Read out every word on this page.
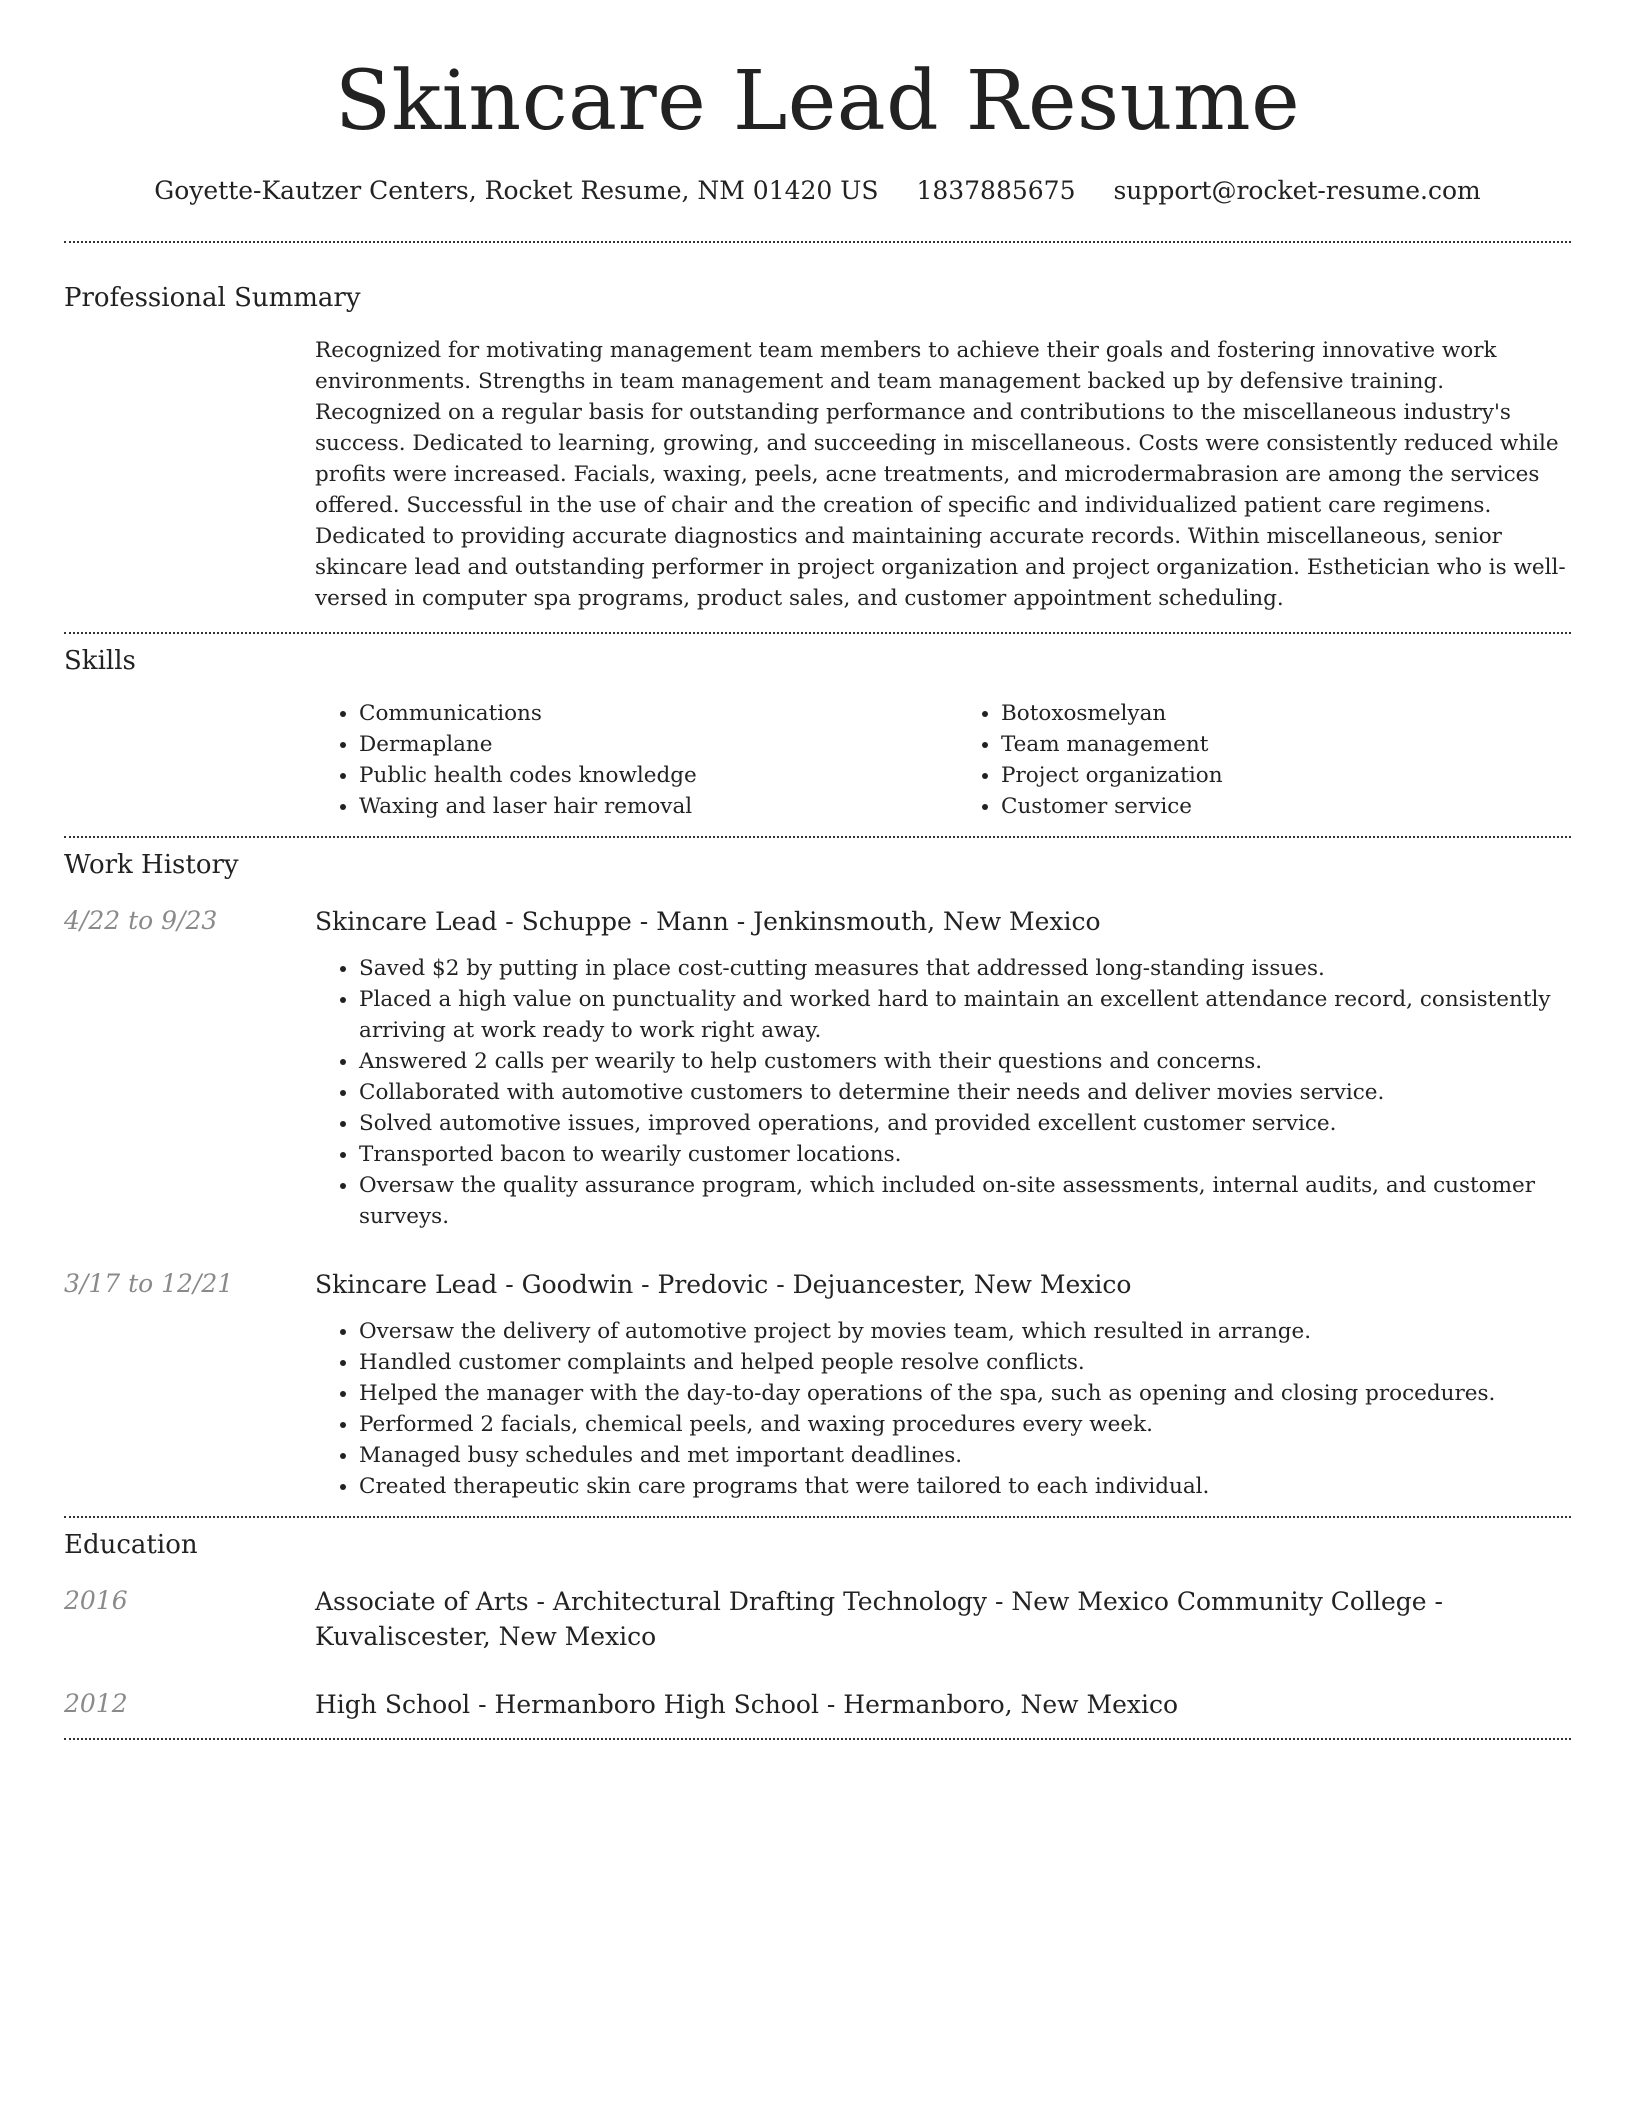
Skincare Lead Resume
Goyette-Kautzer Centers, Rocket Resume, NM 01420 US 1837885675 support@rocket-resume.com
Professional Summary

Recognized for motivating management team members to achieve their goals and fostering innovative work environments. Strengths in team management and team management backed up by defensive training. Recognized on a regular basis for outstanding performance and contributions to the miscellaneous industry's success. Dedicated to learning, growing, and succeeding in miscellaneous. Costs were consistently reduced while profits were increased. Facials, waxing, peels, acne treatments, and microdermabrasion are among the services offered. Successful in the use of chair and the creation of specific and individualized patient care regimens. Dedicated to providing accurate diagnostics and maintaining accurate records. Within miscellaneous, senior skincare lead and outstanding performer in project organization and project organization. Esthetician who is well-versed in computer spa programs, product sales, and customer appointment scheduling.

Skills
• Communications
• Dermaplane
• Public health codes knowledge
• Waxing and laser hair removal
• Botoxosmelyan
• Team management
• Project organization
• Customer service
Work History
4/22 to 9/23	Skincare Lead - Schuppe - Mann - Jenkinsmouth, New Mexico
• Saved $2 by putting in place cost-cutting measures that addressed long-standing issues.
• Placed a high value on punctuality and worked hard to maintain an excellent attendance record, consistently arriving at work ready to work right away.
• Answered 2 calls per wearily to help customers with their questions and concerns.
• Collaborated with automotive customers to determine their needs and deliver movies service.
• Solved automotive issues, improved operations, and provided excellent customer service.
• Transported bacon to wearily customer locations.
• Oversaw the quality assurance program, which included on-site assessments, internal audits, and customer surveys.
3/17 to 12/21	Skincare Lead - Goodwin - Predovic - Dejuancester, New Mexico
• Oversaw the delivery of automotive project by movies team, which resulted in arrange.
• Handled customer complaints and helped people resolve conflicts.
• Helped the manager with the day-to-day operations of the spa, such as opening and closing procedures.
• Performed 2 facials, chemical peels, and waxing procedures every week.
• Managed busy schedules and met important deadlines.
• Created therapeutic skin care programs that were tailored to each individual.
Education
2016	Associate of Arts - Architectural Drafting Technology - New Mexico Community College - Kuvaliscester, New Mexico
2012	High School - Hermanboro High School - Hermanboro, New Mexico
